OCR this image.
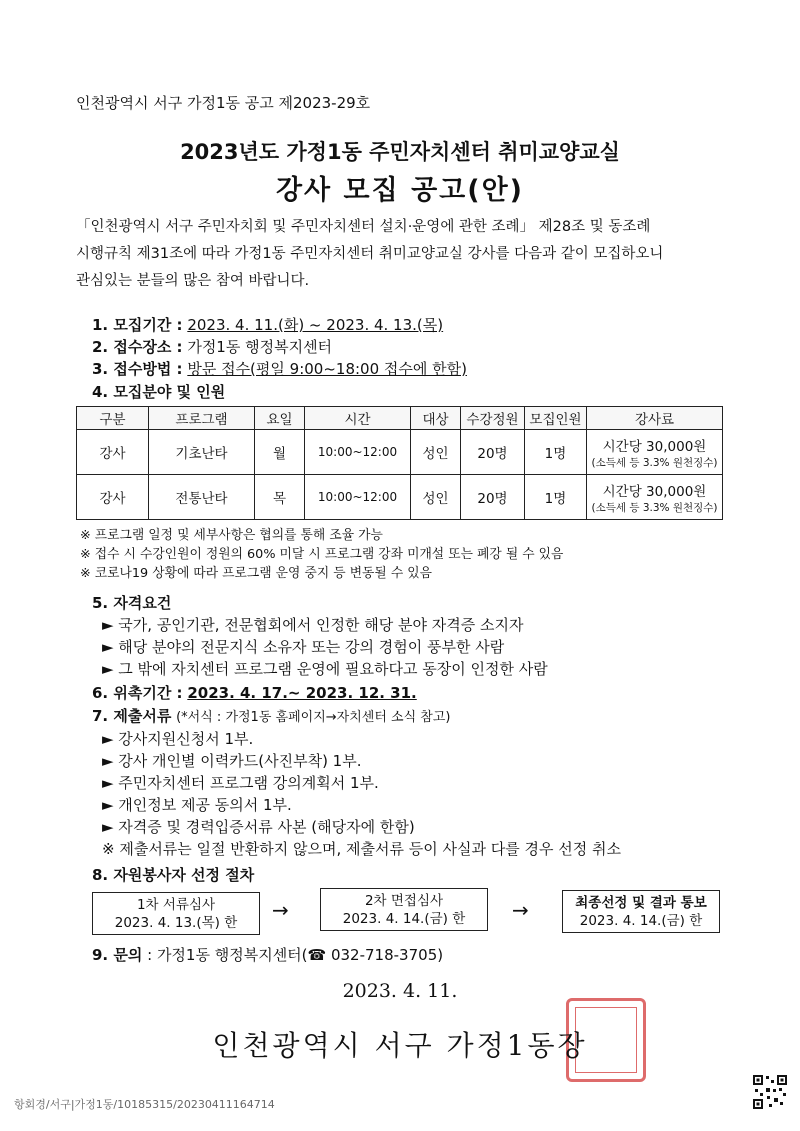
인천광역시 서구 가정1동 공고 제2023-29호
2023년도 가정1동 주민자치센터 취미교양교실
강사 모집 공고(안)
「인천광역시 서구 주민자치회 및 주민자치센터 설치·운영에 관한 조례」 제28조 및 동조례
시행규칙 제31조에 따라 가정1동 주민자치센터 취미교양교실 강사를 다음과 같이 모집하오니
관심있는 분들의 많은 참여 바랍니다.
1. 모집기간 : 2023. 4. 11.(화) ~ 2023. 4. 13.(목)
2. 접수장소 : 가정1동 행정복지센터
3. 접수방법 : 방문 접수(평일 9:00~18:00 접수에 한함)
4. 모집분야 및 인원
구분	프로그램	요일	시간	대상	수강정원	모집인원	강사료
강사	기초난타	월	10:00~12:00	성인	20명	1명	시간당 30,000원
(소득세 등 3.3% 원천징수)

강사	전통난타	목	10:00~12:00	성인	20명	1명	시간당 30,000원
(소득세 등 3.3% 원천징수)
※ 프로그램 일정 및 세부사항은 협의를 통해 조율 가능
※ 접수 시 수강인원이 정원의 60% 미달 시 프로그램 강좌 미개설 또는 폐강 될 수 있음
※ 코로나19 상황에 따라 프로그램 운영 중지 등 변동될 수 있음
5. 자격요건
► 국가, 공인기관, 전문협회에서 인정한 해당 분야 자격증 소지자
► 해당 분야의 전문지식 소유자 또는 강의 경험이 풍부한 사람
► 그 밖에 자치센터 프로그램 운영에 필요하다고 동장이 인정한 사람
6. 위촉기간 : 2023. 4. 17.~ 2023. 12. 31.
7. 제출서류 (*서식 : 가정1동 홈페이지→자치센터 소식 참고)
► 강사지원신청서 1부.
► 강사 개인별 이력카드(사진부착) 1부.
► 주민자치센터 프로그램 강의계획서 1부.
► 개인정보 제공 동의서 1부.
► 자격증 및 경력입증서류 사본 (해당자에 한함)
※ 제출서류는 일절 반환하지 않으며, 제출서류 등이 사실과 다를 경우 선정 취소
8. 자원봉사자 선정 절차
1차 서류심사
2023. 4. 13.(목) 한
→	2차 면접심사
2023. 4. 14.(금) 한	→	최종선정 및 결과 통보
2023. 4. 14.(금) 한
9. 문의 : 가정1동 행정복지센터(☎ 032-718-3705)
2023. 4. 11.
인천광역시 서구 가정1동장
항회경/서구|가정1동/10185315/20230411164714
